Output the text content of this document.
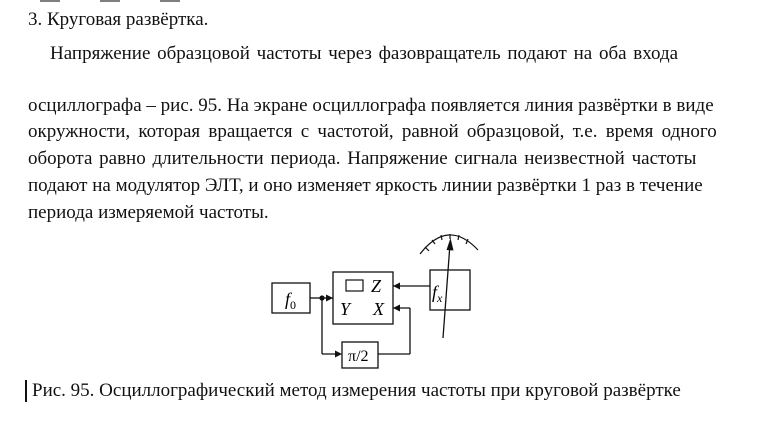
3. Круговая развёртка.
Напряжение образцовой частоты через фазовращатель подают на оба входа
осциллографа – рис. 95. На экране осциллографа появляется линия развёртки в виде
окружности, которая вращается с частотой, равной образцовой, т.е. время одного
оборота равно длительности периода. Напряжение сигнала неизвестной частоты
подают на модулятор ЭЛТ, и оно изменяет яркость линии развёртки 1 раз в течение
периода измеряемой частоты.
$f_0$
Z
Y X
π/2
$f_x$
Рис. 95. Осциллографический метод измерения частоты при круговой развёртке
